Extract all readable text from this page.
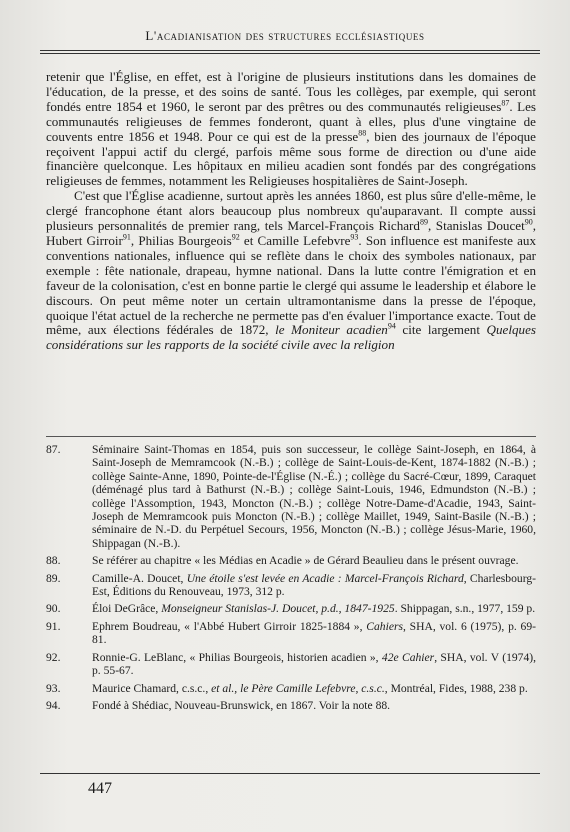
L'acadianisation des structures ecclésiastiques

retenir que l'Église, en effet, est à l'origine de plusieurs institutions dans les domaines de l'éducation, de la presse, et des soins de santé. Tous les collèges, par exemple, qui seront fondés entre 1854 et 1960, le seront par des prêtres ou des communautés religieuses$^{87}$. Les communautés religieuses de femmes fonderont, quant à elles, plus d'une vingtaine de couvents entre 1856 et 1948. Pour ce qui est de la presse$^{88}$, bien des journaux de l'époque reçoivent l'appui actif du clergé, parfois même sous forme de direction ou d'une aide financière quelconque. Les hôpitaux en milieu acadien sont fondés par des congrégations religieuses de femmes, notamment les Religieuses hospitalières de Saint-Joseph.

C'est que l'Église acadienne, surtout après les années 1860, est plus sûre d'elle-même, le clergé francophone étant alors beaucoup plus nombreux qu'auparavant. Il compte aussi plusieurs personnalités de premier rang, tels Marcel-François Richard$^{89}$, Stanislas Doucet$^{90}$, Hubert Girroir$^{91}$, Philias Bourgeois$^{92}$ et Camille Lefebvre$^{93}$. Son influence est manifeste aux conventions nationales, influence qui se reflète dans le choix des symboles nationaux, par exemple : fête nationale, drapeau, hymne national. Dans la lutte contre l'émigration et en faveur de la colonisation, c'est en bonne partie le clergé qui assume le leadership et élabore le discours. On peut même noter un certain ultramontanisme dans la presse de l'époque, quoique l'état actuel de la recherche ne permette pas d'en évaluer l'importance exacte. Tout de même, aux élections fédérales de 1872, le Moniteur acadien$^{94}$ cite largement Quelques considérations sur les rapports de la société civile avec la religion

87.	Séminaire Saint-Thomas en 1854, puis son successeur, le collège Saint-Joseph, en 1864, à Saint-Joseph de Memramcook (N.-B.) ; collège de Saint-Louis-de-Kent, 1874-1882 (N.-B.) ; collège Sainte-Anne, 1890, Pointe-de-l'Église (N.-É.) ; collège du Sacré-Cœur, 1899, Caraquet (déménagé plus tard à Bathurst (N.-B.) ; collège Saint-Louis, 1946, Edmundston (N.-B.) ; collège l'Assomption, 1943, Moncton (N.-B.) ; collège Notre-Dame-d'Acadie, 1943, Saint-Joseph de Memramcook puis Moncton (N.-B.) ; collège Maillet, 1949, Saint-Basile (N.-B.) ; séminaire de N.-D. du Perpétuel Secours, 1956, Moncton (N.-B.) ; collège Jésus-Marie, 1960, Shippagan (N.-B.).
88.	Se référer au chapitre « les Médias en Acadie » de Gérard Beaulieu dans le présent ouvrage.
89.	Camille-A. Doucet, Une étoile s'est levée en Acadie : Marcel-François Richard, Charlesbourg-Est, Éditions du Renouveau, 1973, 312 p.
90.	Éloi DeGrâce, Monseigneur Stanislas-J. Doucet, p.d., 1847-1925. Shippagan, s.n., 1977, 159 p.
91.	Ephrem Boudreau, « l'Abbé Hubert Girroir 1825-1884 », Cahiers, SHA, vol. 6 (1975), p. 69-81.
92.	Ronnie-G. LeBlanc, « Philias Bourgeois, historien acadien », 42e Cahier, SHA, vol. V (1974), p. 55-67.
93.	Maurice Chamard, c.s.c., et al., le Père Camille Lefebvre, c.s.c., Montréal, Fides, 1988, 238 p.
94.	Fondé à Shédiac, Nouveau-Brunswick, en 1867. Voir la note 88.
447
